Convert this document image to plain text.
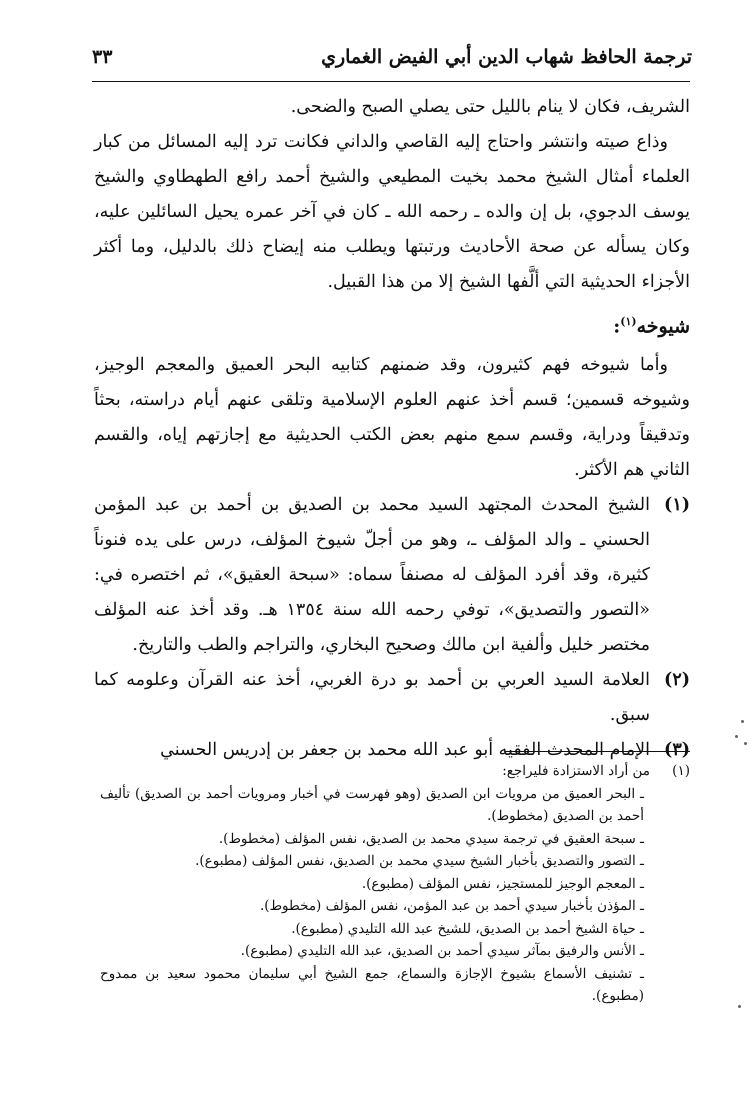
ترجمة الحافظ شهاب الدين أبي الفيض الغماري
٣٣

الشريف، فكان لا ينام بالليل حتى يصلي الصبح والضحى.

وذاع صيته وانتشر واحتاج إليه القاصي والداني فكانت ترد إليه المسائل من كبار العلماء أمثال الشيخ محمد بخيت المطيعي والشيخ أحمد رافع الطهطاوي والشيخ يوسف الدجوي، بل إن والده ـ رحمه الله ـ كان في آخر عمره يحيل السائلين عليه، وكان يسأله عن صحة الأحاديث ورتبتها ويطلب منه إيضاح ذلك بالدليل، وما أكثر الأجزاء الحديثية التي ألَّفها الشيخ إلا من هذا القبيل.

شيوخه$^{(١)}$:

وأما شيوخه فهم كثيرون، وقد ضمنهم كتابيه البحر العميق والمعجم الوجيز، وشيوخه قسمين؛ قسم أخذ عنهم العلوم الإسلامية وتلقى عنهم أيام دراسته، بحثاً وتدقيقاً ودراية، وقسم سمع منهم بعض الكتب الحديثية مع إجازتهم إياه، والقسم الثاني هم الأكثر.

(١)
الشيخ المحدث المجتهد السيد محمد بن الصديق بن أحمد بن عبد المؤمن الحسني ـ والد المؤلف ـ، وهو من أجلّ شيوخ المؤلف، درس على يده فنوناً كثيرة، وقد أفرد المؤلف له مصنفاً سماه: «سبحة العقيق»، ثم اختصره في: «التصور والتصديق»، توفي رحمه الله سنة ١٣٥٤ هـ. وقد أخذ عنه المؤلف مختصر خليل وألفية ابن مالك وصحيح البخاري، والتراجم والطب والتاريخ.
(٢)
العلامة السيد العربي بن أحمد بو درة الغربي، أخذ عنه القرآن وعلومه كما سبق.
(٣)
الإمام المحدث الفقيه أبو عبد الله محمد بن جعفر بن إدريس الحسني
(١)
من أراد الاستزادة فليراجع:

ـ البحر العميق من مرويات ابن الصديق (وهو فهرست في أخبار ومرويات أحمد بن الصديق) تأليف أحمد بن الصديق (مخطوط).

ـ سبحة العقيق في ترجمة سيدي محمد بن الصديق، نفس المؤلف (مخطوط).

ـ التصور والتصديق بأخبار الشيخ سيدي محمد بن الصديق، نفس المؤلف (مطبوع).

ـ المعجم الوجيز للمستجيز، نفس المؤلف (مطبوع).

ـ المؤذن بأخبار سيدي أحمد بن عبد المؤمن، نفس المؤلف (مخطوط).

ـ حياة الشيخ أحمد بن الصديق، للشيخ عبد الله التليدي (مطبوع).

ـ الأنس والرفيق بمآثر سيدي أحمد بن الصديق، عبد الله التليدي (مطبوع).

ـ تشنيف الأسماع بشيوخ الإجازة والسماع، جمع الشيخ أبي سليمان محمود سعيد بن ممدوح (مطبوع).
